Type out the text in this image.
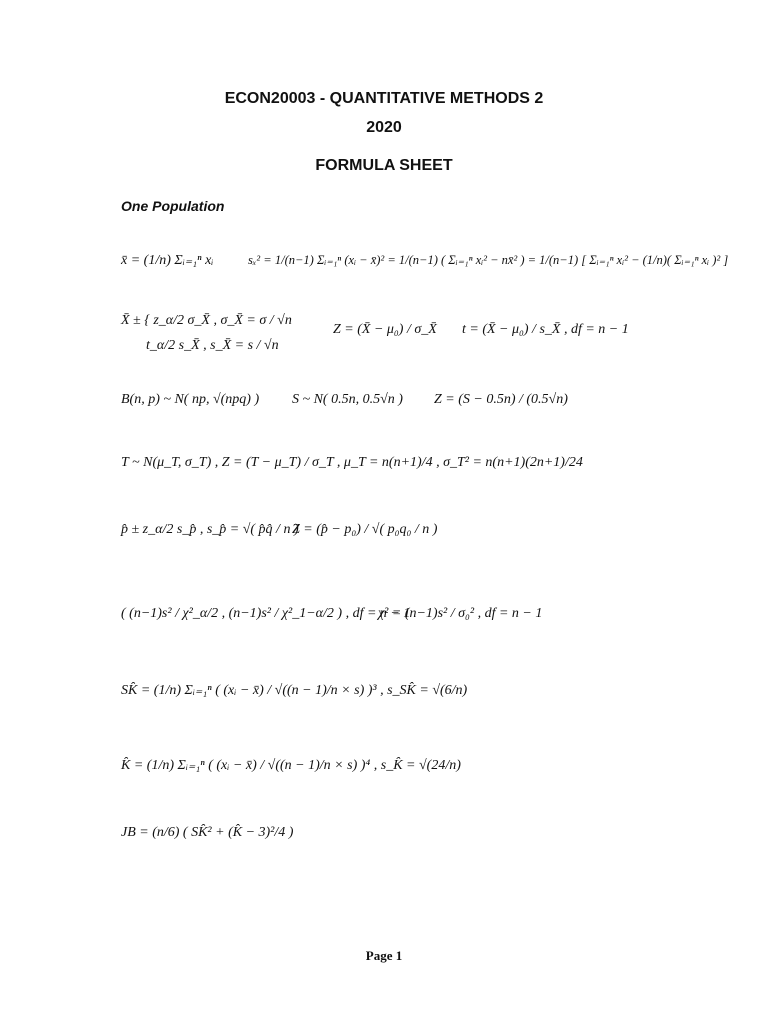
ECON20003 - QUANTITATIVE METHODS 2
2020
FORMULA SHEET
One Population
x̄ = (1/n) Σᵢ₌₁ⁿ xᵢ	sₓ² = 1/(n−1) Σᵢ₌₁ⁿ (xᵢ − x̄)² = 1/(n−1) ( Σᵢ₌₁ⁿ xᵢ² − nx̄² ) = 1/(n−1) [ Σᵢ₌₁ⁿ xᵢ² − (1/n)( Σᵢ₌₁ⁿ xᵢ )² ]
X̄ ± { z_α/2 σ_X̄ , σ_X̄ = σ / √n
t_α/2 s_X̄ , s_X̄ = s / √n
Z = (X̄ − μ₀) / σ_X̄ t = (X̄ − μ₀) / s_X̄ , df = n − 1
B(n, p) ~ N( np, √(npq) ) S ~ N( 0.5n, 0.5√n ) Z = (S − 0.5n) / (0.5√n)
T ~ N(μ_T, σ_T) , Z = (T − μ_T) / σ_T , μ_T = n(n+1)/4 , σ_T² = n(n+1)(2n+1)/24
p̂ ± z_α/2 s_p̂ , s_p̂ = √( p̂q̂ / n )
Z = (p̂ − p₀) / √( p₀q₀ / n )
( (n−1)s² / χ²_α/2 , (n−1)s² / χ²_1−α/2 ) , df = n − 1
χ² = (n−1)s² / σ₀² , df = n − 1
SK̂ = (1/n) Σᵢ₌₁ⁿ ( (xᵢ − x̄) / √((n − 1)/n × s) )³ , s_SK̂ = √(6/n)
K̂ = (1/n) Σᵢ₌₁ⁿ ( (xᵢ − x̄) / √((n − 1)/n × s) )⁴ , s_K̂ = √(24/n)
JB = (n/6) ( SK̂² + (K̂ − 3)²/4 )
Page 1
